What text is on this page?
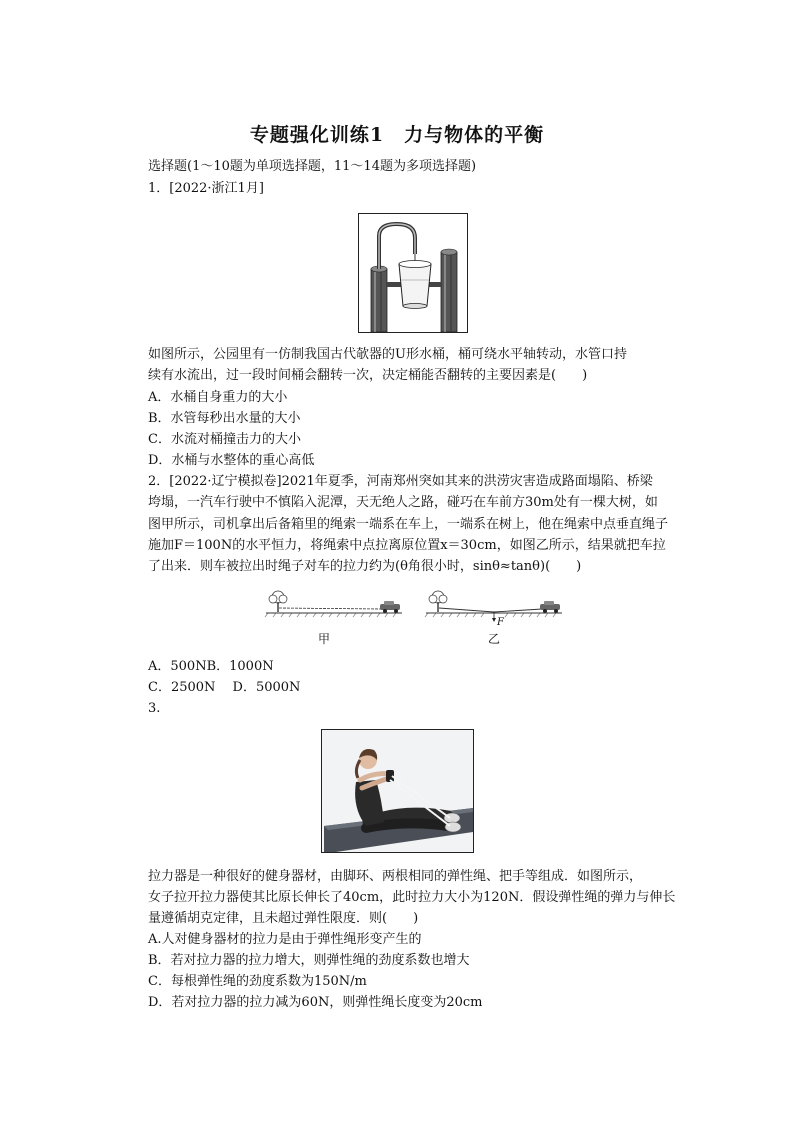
专题强化训练1　力与物体的平衡
选择题(1～10题为单项选择题，11～14题为多项选择题)
1．[2022·浙江1月]
如图所示，公园里有一仿制我国古代欹器的U形水桶，桶可绕水平轴转动，水管口持
续有水流出，过一段时间桶会翻转一次，决定桶能否翻转的主要因素是(　　)
A．水桶自身重力的大小
B．水管每秒出水量的大小
C．水流对桶撞击力的大小
D．水桶与水整体的重心高低
2．[2022·辽宁模拟卷]2021年夏季，河南郑州突如其来的洪涝灾害造成路面塌陷、桥梁
垮塌，一汽车行驶中不慎陷入泥潭，天无绝人之路，碰巧在车前方30m处有一棵大树，如
图甲所示，司机拿出后备箱里的绳索一端系在车上，一端系在树上，他在绳索中点垂直绳子
施加F＝100N的水平恒力，将绳索中点拉离原位置x＝30cm，如图乙所示，结果就把车拉
了出来．则车被拉出时绳子对车的拉力约为(θ角很小时，sinθ≈tanθ)(　　)
甲
F
乙
A．500NB．1000N
C．2500N　 D．5000N
3.
拉力器是一种很好的健身器材，由脚环、两根相同的弹性绳、把手等组成．如图所示，
女子拉开拉力器使其比原长伸长了40cm，此时拉力大小为120N．假设弹性绳的弹力与伸长
量遵循胡克定律，且未超过弹性限度．则(　　)
A.人对健身器材的拉力是由于弹性绳形变产生的
B．若对拉力器的拉力增大，则弹性绳的劲度系数也增大
C．每根弹性绳的劲度系数为150N/m
D．若对拉力器的拉力减为60N，则弹性绳长度变为20cm
